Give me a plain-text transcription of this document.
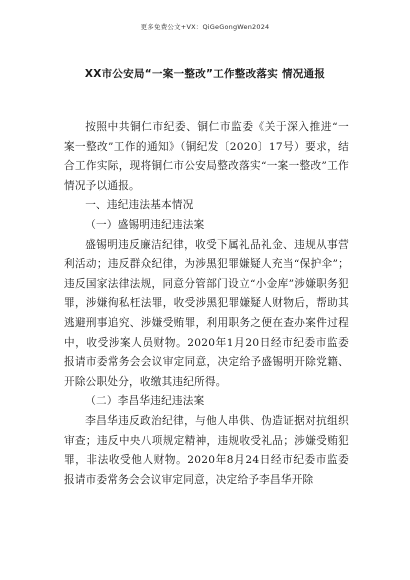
更多免费公文+VX：QiGeGongWen2024
XX市公安局“一案一整改”工作整改落实 情况通报

按照中共铜仁市纪委、铜仁市监委《关于深入推进“一案一整改”工作的通知》（铜纪发〔2020〕17号）要求，结合工作实际，现将铜仁市公安局整改落实“一案一整改”工作情况予以通报。

一、违纪违法基本情况

（一）盛锡明违纪违法案

盛锡明违反廉洁纪律，收受下属礼品礼金、违规从事营利活动；违反群众纪律，为涉黑犯罪嫌疑人充当“保护伞”；违反国家法律法规，同意分管部门设立“小金库”涉嫌职务犯罪，涉嫌徇私枉法罪，收受涉黑犯罪嫌疑人财物后，帮助其逃避刑事追究、涉嫌受贿罪，利用职务之便在查办案件过程中，收受涉案人员财物。2020年1月20日经市纪委市监委报请市委常务会会议审定同意，决定给予盛锡明开除党籍、开除公职处分，收缴其违纪所得。

（二）李昌华违纪违法案

李昌华违反政治纪律，与他人串供、伪造证据对抗组织审查；违反中央八项规定精神，违规收受礼品；涉嫌受贿犯罪，非法收受他人财物。2020年8月24日经市纪委市监委报请市委常务会会议审定同意，决定给予李昌华开除
